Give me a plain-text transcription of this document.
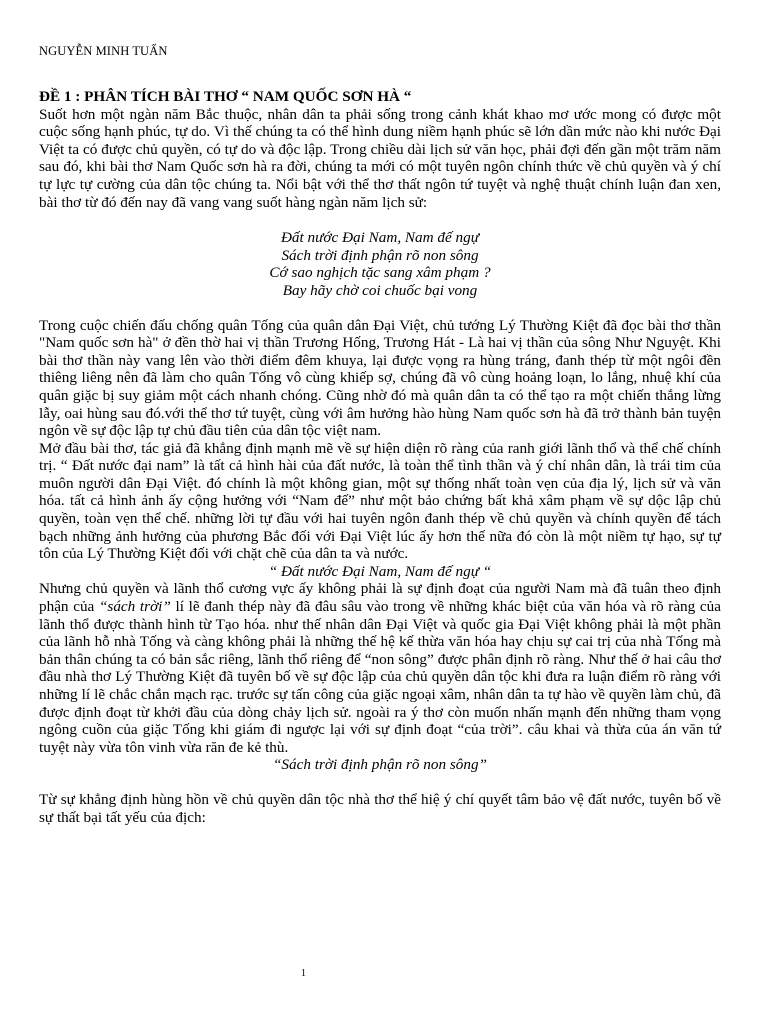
NGUYỄN MINH TUẤN

ĐỀ 1 : PHÂN TÍCH BÀI THƠ “ NAM QUỐC SƠN HÀ “

Suốt hơn một ngàn năm Bắc thuộc, nhân dân ta phải sống trong cảnh khát khao mơ ước mong có được một cuộc sống hạnh phúc, tự do. Vì thế chúng ta có thể hình dung niềm hạnh phúc sẽ lớn dần mức nào khi nước Đại Việt ta có được chủ quyền, có tự do và độc lập. Trong chiều dài lịch sử văn học, phải đợi đến gần một trăm năm sau đó, khi bài thơ Nam Quốc sơn hà ra đời, chúng ta mới có một tuyên ngôn chính thức về chủ quyền và ý chí tự lực tự cường của dân tộc chúng ta. Nổi bật với thể thơ thất ngôn tứ tuyệt và nghệ thuật chính luận đan xen, bài thơ từ đó đến nay đã vang vang suốt hàng ngàn năm lịch sử:

Đất nước Đại Nam, Nam đế ngự

Sách trời định phận rõ non sông

Cớ sao nghịch tặc sang xâm phạm ?

Bay hãy chờ coi chuốc bại vong

Trong cuộc chiến đấu chống quân Tống của quân dân Đại Việt, chủ tướng Lý Thường Kiệt đã đọc bài thơ thần "Nam quốc sơn hà" ở đền thờ hai vị thần Trương Hống, Trương Hát - Là hai vị thần của sông Như Nguyệt. Khi bài thơ thần này vang lên vào thời điểm đêm khuya, lại được vọng ra hùng tráng, đanh thép từ một ngôi đền thiêng liêng nên đã làm cho quân Tống vô cùng khiếp sợ, chúng đã vô cùng hoảng loạn, lo lắng, nhuệ khí của quân giặc bị suy giảm một cách nhanh chóng. Cũng nhờ đó mà quân dân ta có thể tạo ra một chiến thắng lừng lẫy, oai hùng sau đó.với thể thơ tứ tuyệt, cùng với âm hưởng hào hùng Nam quốc sơn hà đã trở thành bản tuyện ngôn về sự độc lập tự chủ đầu tiên của dân tộc việt nam.

Mở đầu bài thơ, tác giả đã khẳng định mạnh mẽ về sự hiện diện rõ ràng của ranh giới lãnh thổ và thể chế chính trị. “ Đất nước đại nam” là tất cả hình hài của đất nước, là toàn thể tình thần và ý chí nhân dân, là trái tim của muôn người dân Đại Việt. đó chính là một không gian, một sự thống nhất toàn vẹn của địa lý, lịch sử và văn hóa. tất cả hình ảnh ấy cộng hưởng với “Nam đế” như một bảo chứng bất khả xâm phạm về sự dộc lập chủ quyền, toàn vẹn thể chế. những lời tự đầu với hai tuyên ngôn đanh thép về chủ quyền và chính quyền để tách bạch những ảnh hưởng của phương Bắc đối với Đại Việt lúc ấy hơn thế nữa đó còn là một niềm tự hạo, sự tự tôn của Lý Thường Kiệt đối với chặt chẽ của dân ta và nước.

“ Đất nước Đại Nam, Nam đế ngự “

Nhưng chủ quyền và lãnh thổ cương vực ấy không phải là sự định đoạt của người Nam mà đã tuân theo định phận của “sách trời” lí lẽ đanh thép này đã đâu sâu vào trong về những khác biệt của văn hóa và rõ ràng của lãnh thổ được thành hình từ Tạo hóa. như thế nhân dân Đại Việt và quốc gia Đại Việt không phải là một phần của lãnh hỗ nhà Tống và càng không phải là những thế hệ kế thừa văn hóa hay chịu sự cai trị của nhà Tống mà bản thân chúng ta có bản sắc riêng, lãnh thổ riêng để “non sông” được phân định rõ ràng. Như thế ở hai câu thơ đầu nhà thơ Lý Thường Kiệt đã tuyên bố về sự độc lập của chủ quyền dân tộc khi đưa ra luận điểm rõ ràng với những lí lẽ chắc chắn mạch rạc. trước sự tấn công của giặc ngoại xâm, nhân dân ta tự hào về quyền làm chủ, đã được định đoạt từ khởi đầu của dòng chảy lịch sử. ngoài ra ý thơ còn muốn nhấn mạnh đến những tham vọng ngông cuồn của giặc Tống khi giám đi ngược lại với sự định đoạt “của trời”. câu khai và thừa của án văn tứ tuyệt này vừa tôn vinh vừa răn đe kẻ thù.

“Sách trời định phận rõ non sông”

Từ sự khẳng định hùng hồn về chủ quyền dân tộc nhà thơ thể hiệ ý chí quyết tâm bảo vệ đất nước, tuyên bố về sự thất bại tất yếu của địch:

1
